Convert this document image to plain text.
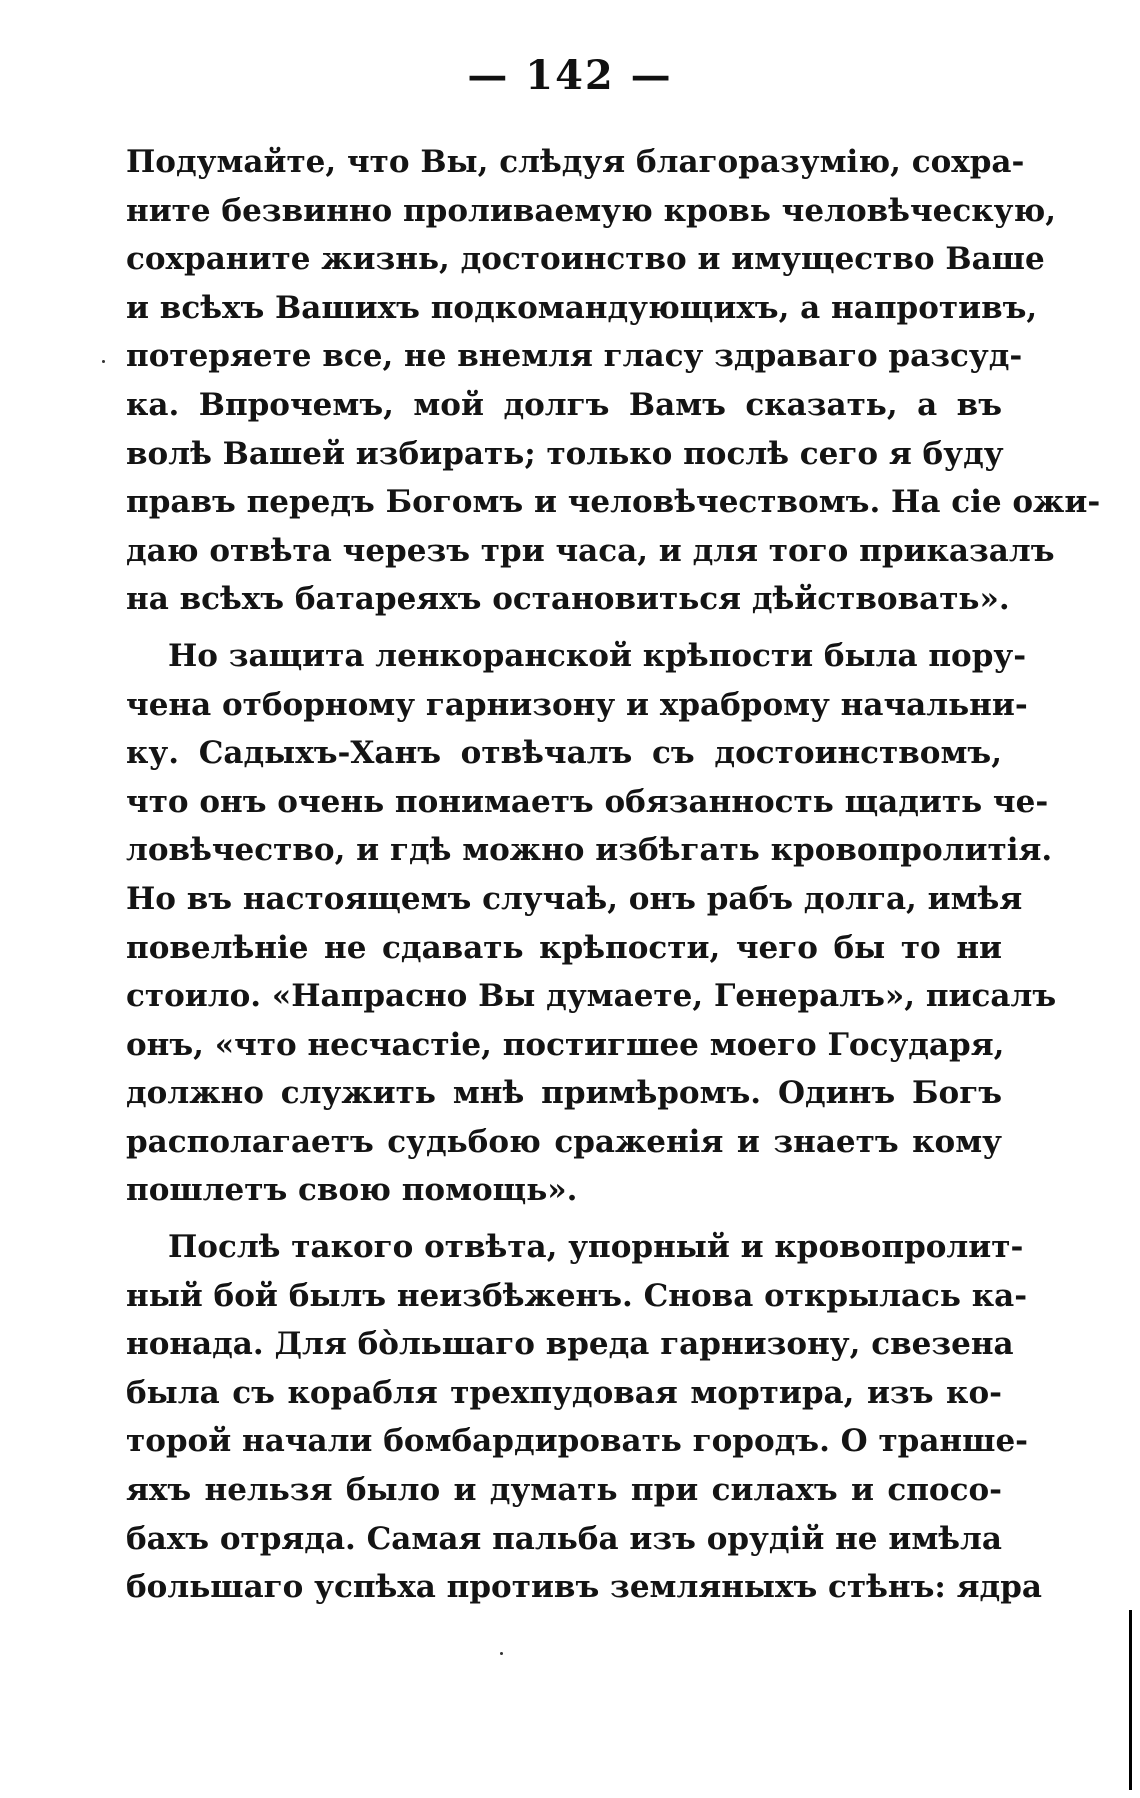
— 142 —
Подумайте, что Вы, слѣдуя благоразумію, сохра-
ните безвинно проливаемую кровь человѣческую,
сохраните жизнь, достоинство и имущество Ваше
и всѣхъ Вашихъ подкомандующихъ, а напротивъ,
потеряете все, не внемля гласу здраваго разсуд-
ка. Впрочемъ, мой долгъ Вамъ сказать, а въ
волѣ Вашей избирать; только послѣ сего я буду
правъ передъ Богомъ и человѣчествомъ. На сіе ожи-
даю отвѣта черезъ три часа, и для того приказалъ
на всѣхъ батареяхъ остановиться дѣйствовать».
Но защита ленкоранской крѣпости была пору-
чена отборному гарнизону и храброму начальни-
ку. Садыхъ-Ханъ отвѣчалъ съ достоинствомъ,
что онъ очень понимаетъ обязанность щадить че-
ловѣчество, и гдѣ можно избѣгать кровопролитія.
Но въ настоящемъ случаѣ, онъ рабъ долга, имѣя
повелѣніе не сдавать крѣпости, чего бы то ни
стоило. «Напрасно Вы думаете, Генералъ», писалъ
онъ, «что несчастіе, постигшее моего Государя,
должно служить мнѣ примѣромъ. Одинъ Богъ
располагаетъ судьбою сраженія и знаетъ кому
пошлетъ свою помощь».
Послѣ такого отвѣта, упорный и кровопролит-
ный бой былъ неизбѣженъ. Снова открылась ка-
нонада. Для бо̀льшаго вреда гарнизону, свезена
была съ корабля трехпудовая мортира, изъ ко-
торой начали бомбардировать городъ. О транше-
яхъ нельзя было и думать при силахъ и спосо-
бахъ отряда. Самая пальба изъ орудій не имѣла
большаго успѣха противъ земляныхъ стѣнъ: ядра
